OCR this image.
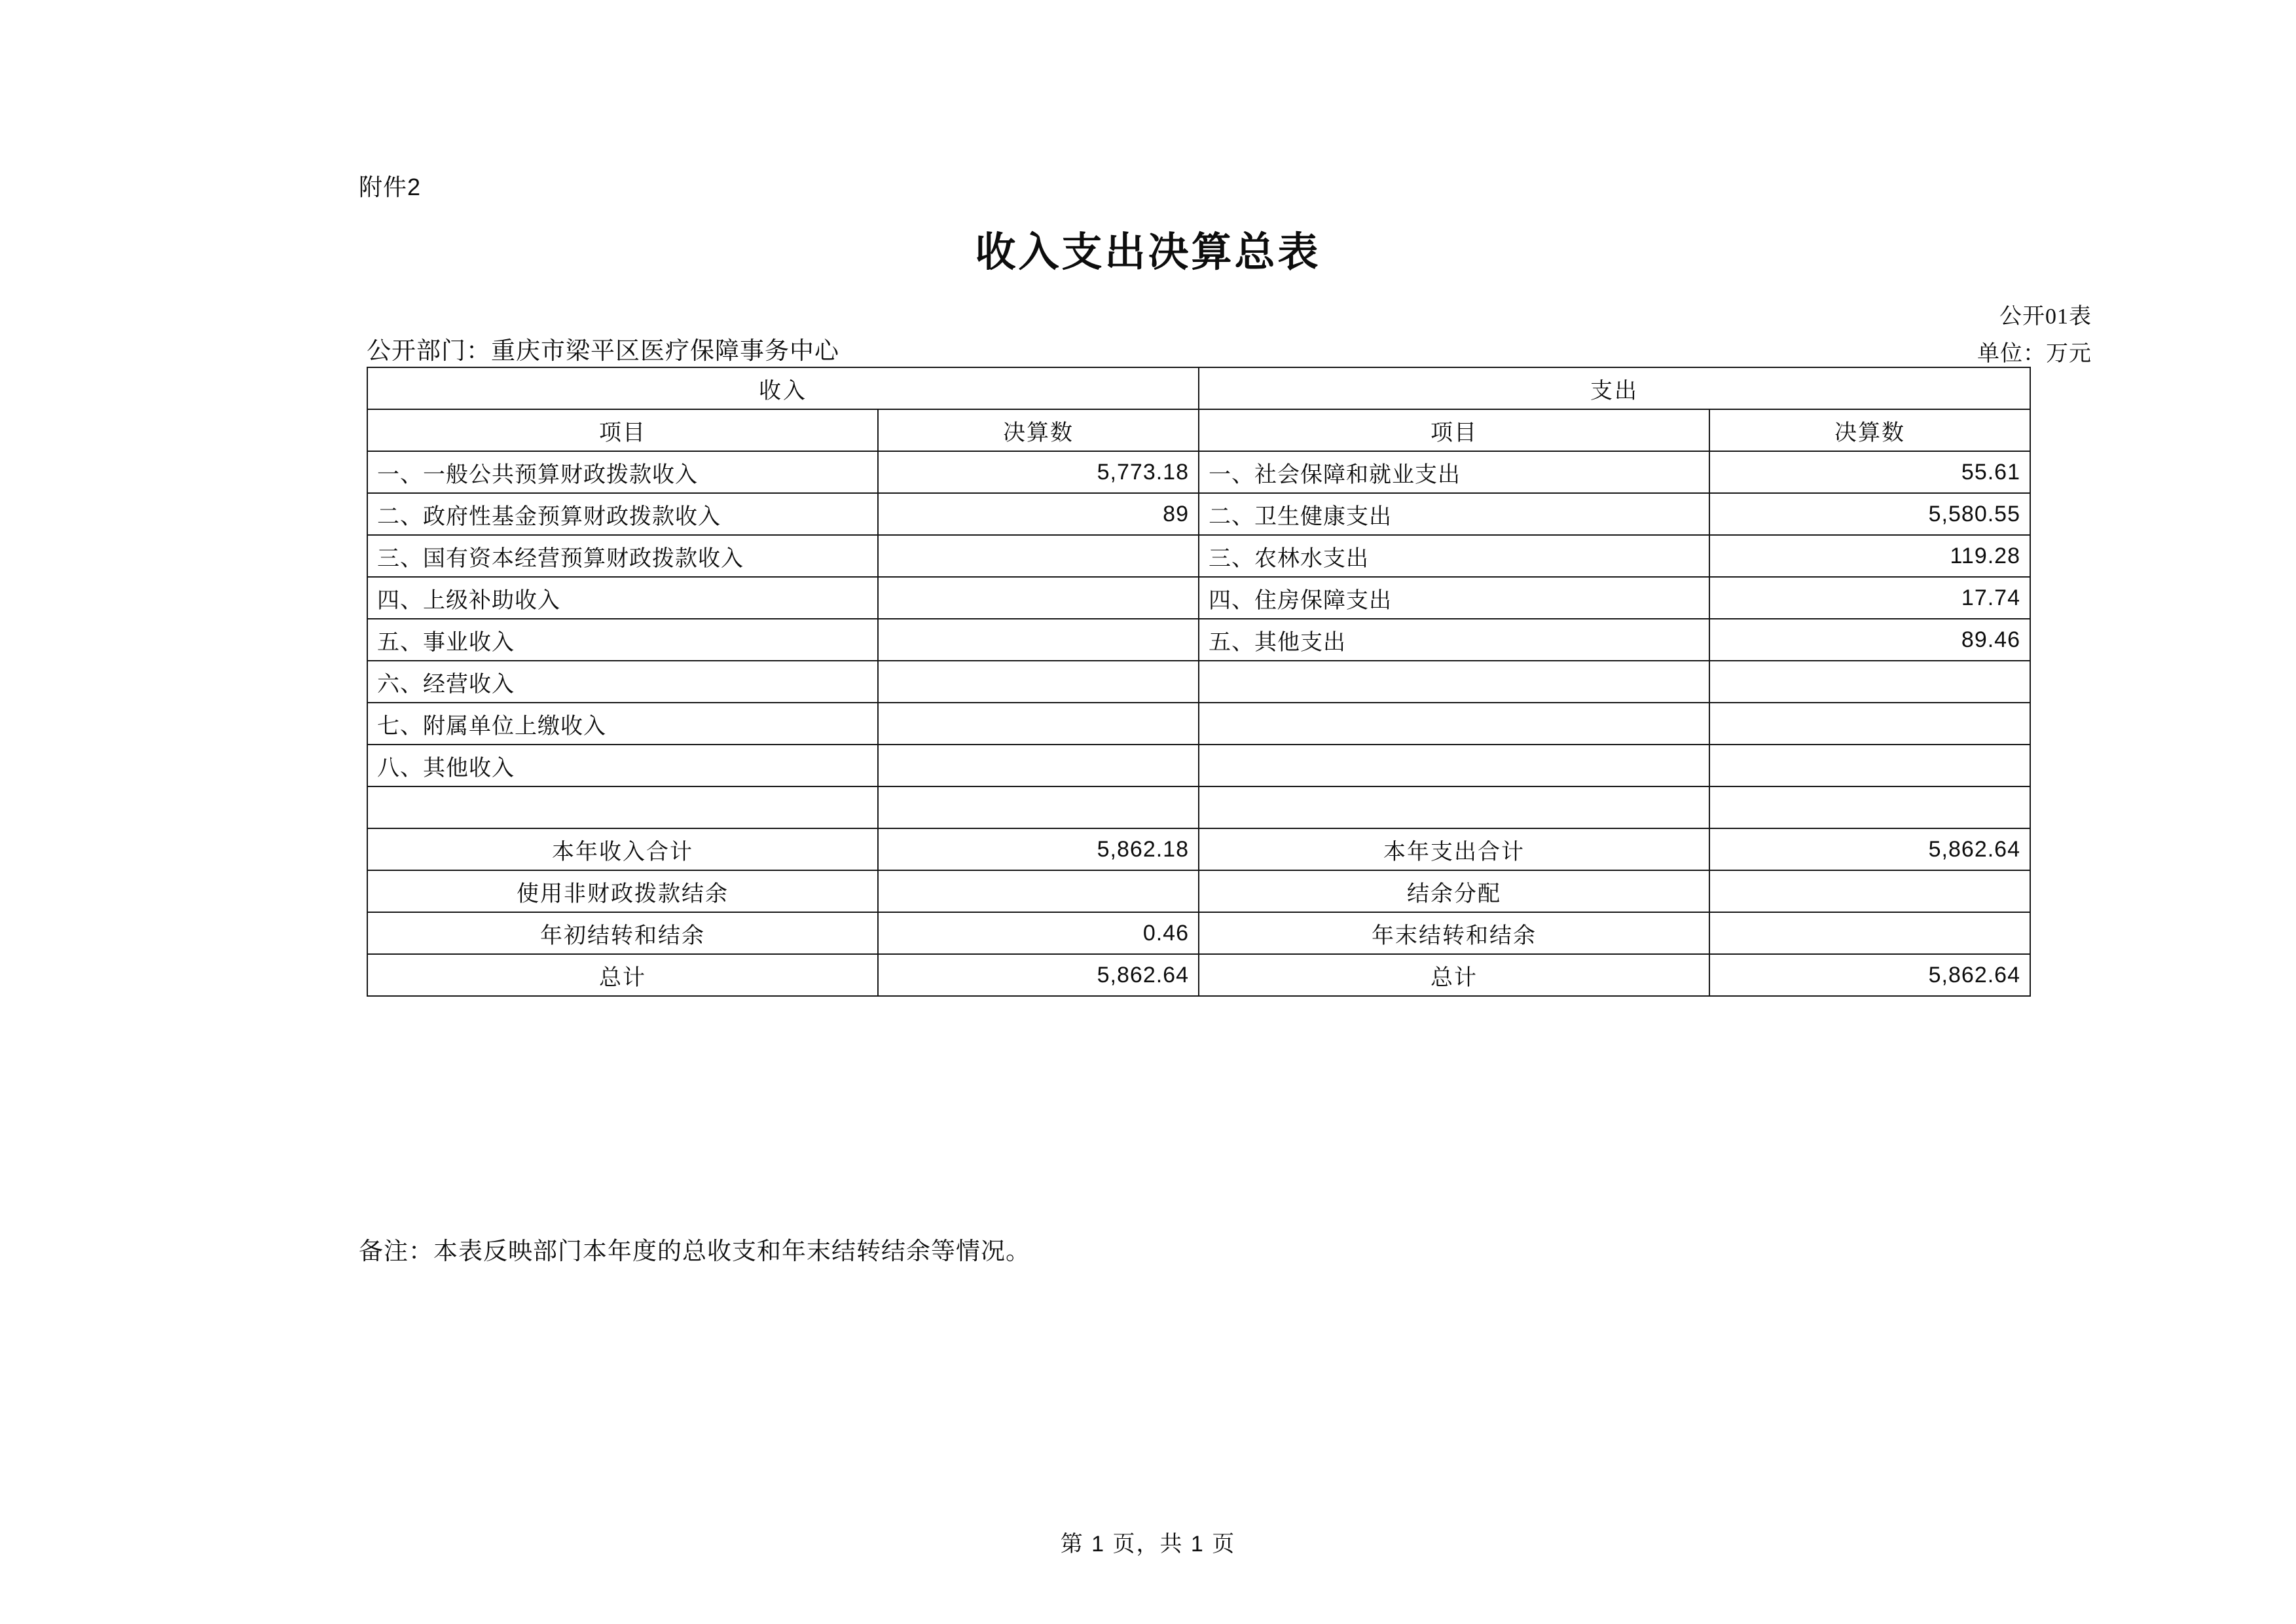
附件2
收入支出决算总表
公开01表
单位：万元
公开部门：重庆市梁平区医疗保障事务中心
收入		支出	
项目	决算数	项目	决算数
一、一般公共预算财政拨款收入	5,773.18	一、社会保障和就业支出	55.61
二、政府性基金预算财政拨款收入	89	二、卫生健康支出	5,580.55
三、国有资本经营预算财政拨款收入		三、农林水支出	119.28
四、上级补助收入		四、住房保障支出	17.74
五、事业收入		五、其他支出	89.46
六、经营收入			
七、附属单位上缴收入			
八、其他收入			

本年收入合计	5,862.18	本年支出合计	5,862.64
使用非财政拨款结余		结余分配	
年初结转和结余	0.46	年末结转和结余	
总计	5,862.64	总计	5,862.64
备注：本表反映部门本年度的总收支和年末结转结余等情况。
第 1 页，共 1 页
